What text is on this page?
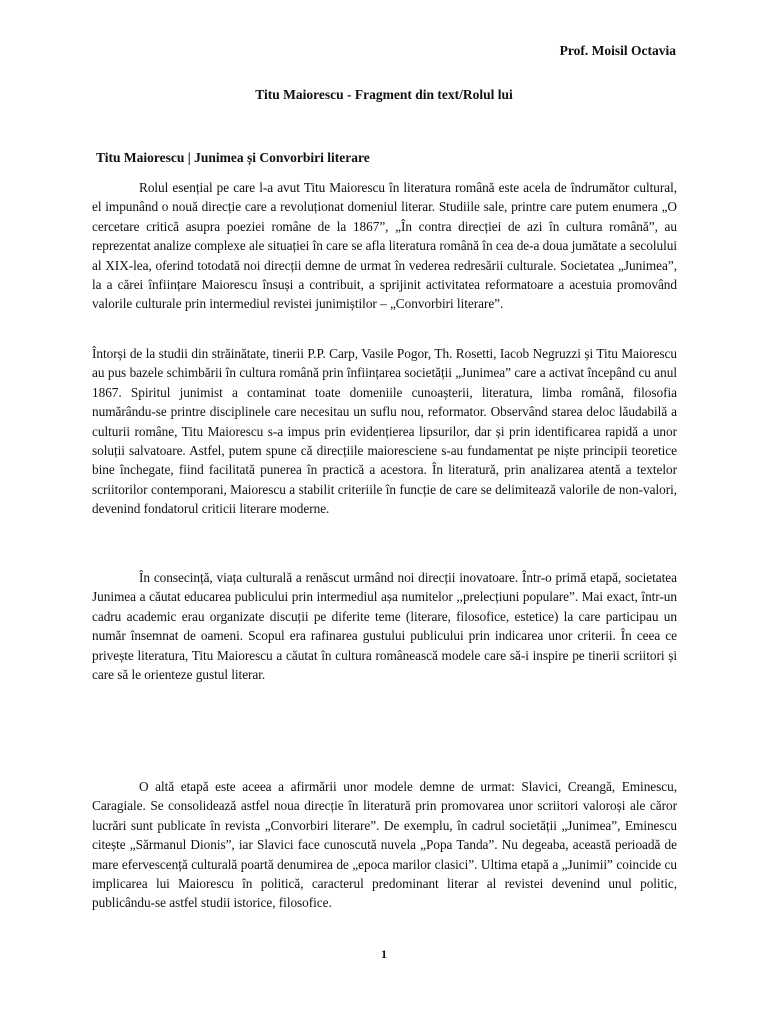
Prof. Moisil Octavia

Titu Maiorescu - Fragment din text/Rolul lui
Titu Maiorescu | Junimea și Convorbiri literare

Rolul esențial pe care l-a avut Titu Maiorescu în literatura română este acela de îndrumător cultural, el impunând o nouă direcție care a revoluționat domeniul literar. Studiile sale, printre care putem enumera „O cercetare critică asupra poeziei române de la 1867”, „În contra direcției de azi în cultura română”, au reprezentat analize complexe ale situației în care se afla literatura română în cea de-a doua jumătate a secolului al XIX-lea, oferind totodată noi direcții demne de urmat în vederea redresării culturale. Societatea „Junimea”, la a cărei înființare Maiorescu însuși a contribuit, a sprijinit activitatea reformatoare a acestuia promovând valorile culturale prin intermediul revistei junimiștilor – „Convorbiri literare”.

Întorși de la studii din străinătate, tinerii P.P. Carp, Vasile Pogor, Th. Rosetti, Iacob Negruzzi și Titu Maiorescu au pus bazele schimbării în cultura română prin înființarea societății „Junimea” care a activat începând cu anul 1867. Spiritul junimist a contaminat toate domeniile cunoașterii, literatura, limba română, filosofia numărându-se printre disciplinele care necesitau un suflu nou, reformator. Observând starea deloc lăudabilă a culturii române, Titu Maiorescu s-a impus prin evidențierea lipsurilor, dar și prin identificarea rapidă a unor soluții salvatoare. Astfel, putem spune că direcțiile maioresciene s-au fundamentat pe niște principii teoretice bine închegate, fiind facilitată punerea în practică a acestora. În literatură, prin analizarea atentă a textelor scriitorilor contemporani, Maiorescu a stabilit criteriile în funcție de care se delimitează valorile de non-valori, devenind fondatorul criticii literare moderne.

În consecință, viața culturală a renăscut urmând noi direcții inovatoare. Într-o primă etapă, societatea Junimea a căutat educarea publicului prin intermediul așa numitelor ,,prelecțiuni populare”. Mai exact, într-un cadru academic erau organizate discuții pe diferite teme (literare, filosofice, estetice) la care participau un număr însemnat de oameni. Scopul era rafinarea gustului publicului prin indicarea unor criterii. În ceea ce privește literatura, Titu Maiorescu a căutat în cultura românească modele care să-i inspire pe tinerii scriitori și care să le orienteze gustul literar.

O altă etapă este aceea a afirmării unor modele demne de urmat: Slavici, Creangă, Eminescu, Caragiale. Se consolidează astfel noua direcție în literatură prin promovarea unor scriitori valoroși ale căror lucrări sunt publicate în revista „Convorbiri literare”. De exemplu, în cadrul societății „Junimea”, Eminescu citește „Sărmanul Dionis”, iar Slavici face cunoscută nuvela „Popa Tanda”. Nu degeaba, această perioadă de mare efervescență culturală poartă denumirea de „epoca marilor clasici”. Ultima etapă a „Junimii” coincide cu implicarea lui Maiorescu în politică, caracterul predominant literar al revistei devenind unul politic, publicându-se astfel studii istorice, filosofice.

1
